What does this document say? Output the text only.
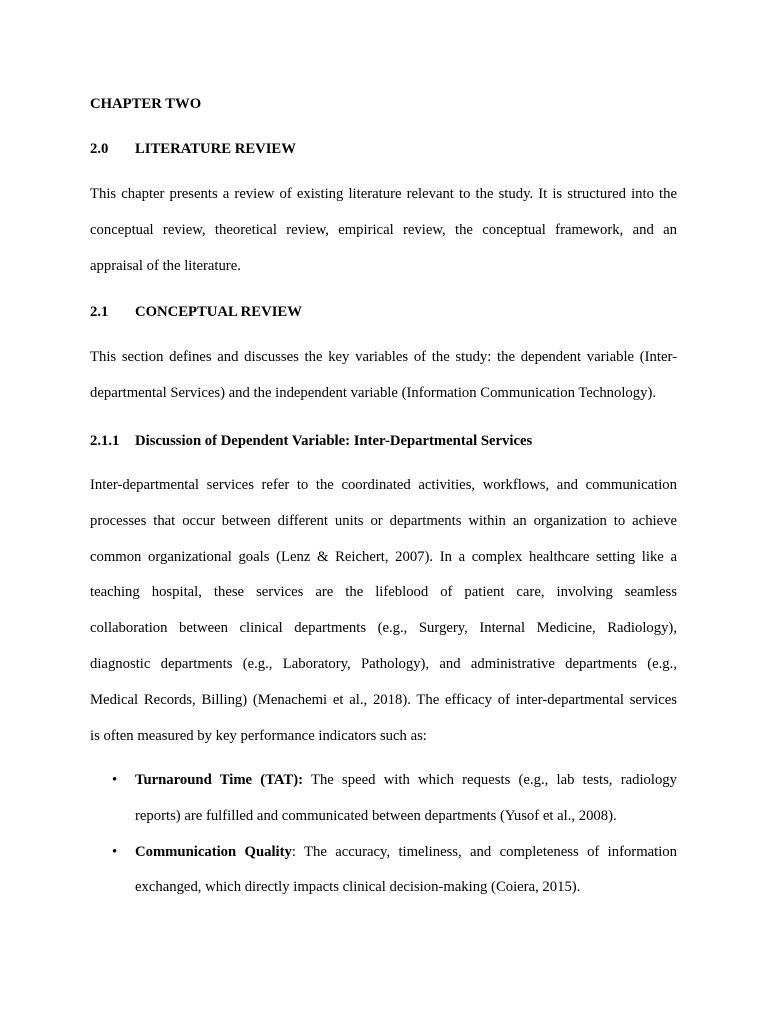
CHAPTER TWO
2.0 LITERATURE REVIEW
This chapter presents a review of existing literature relevant to the study. It is structured into the
conceptual review, theoretical review, empirical review, the conceptual framework, and an
appraisal of the literature.
2.1 CONCEPTUAL REVIEW
This section defines and discusses the key variables of the study: the dependent variable (Inter-
departmental Services) and the independent variable (Information Communication Technology).
2.1.1 Discussion of Dependent Variable: Inter-Departmental Services
Inter-departmental services refer to the coordinated activities, workflows, and communication
processes that occur between different units or departments within an organization to achieve
common organizational goals (Lenz & Reichert, 2007). In a complex healthcare setting like a
teaching hospital, these services are the lifeblood of patient care, involving seamless
collaboration between clinical departments (e.g., Surgery, Internal Medicine, Radiology),
diagnostic departments (e.g., Laboratory, Pathology), and administrative departments (e.g.,
Medical Records, Billing) (Menachemi et al., 2018). The efficacy of inter-departmental services
is often measured by key performance indicators such as:
• Turnaround Time (TAT): The speed with which requests (e.g., lab tests, radiology
reports) are fulfilled and communicated between departments (Yusof et al., 2008).
• Communication Quality: The accuracy, timeliness, and completeness of information
exchanged, which directly impacts clinical decision-making (Coiera, 2015).
